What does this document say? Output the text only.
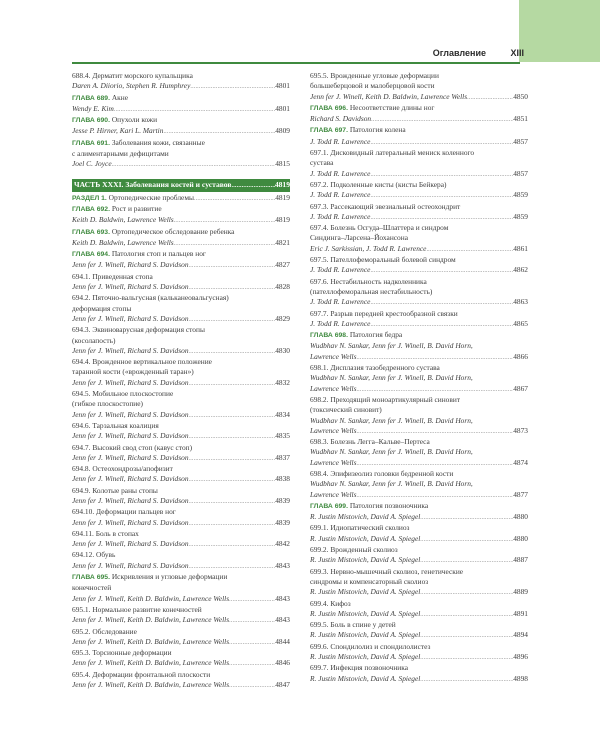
Оглавление	XIII
688.4. Дерматит морского купальщика
Daren A. Diiorio, Stephen R. Humphrey .....	4801
ГЛАВА 689. Акне
Wendy E. Kim .....	4801
ГЛАВА 690. Опухоли кожи
Jesse P. Hirner, Kari L. Martin .....	4809
ГЛАВА 691. Заболевания кожи, связанные
с алиментарными дефицитами
Joel C. Joyce .....	4815
ЧАСТЬ XXXI. Заболевания костей и суставов .....	4819
РАЗДЕЛ 1. Ортопедические проблемы .....	4819
ГЛАВА 692. Рост и развитие
Keith D. Baldwin, Lawrence Wells .....	4819
ГЛАВА 693. Ортопедическое обследование ребенка
Keith D. Baldwin, Lawrence Wells .....	4821
ГЛАВА 694. Патология стоп и пальцев ног
Jenn fer J. Winell, Richard S. Davidson .....	4827
694.1. Приведенная стопа
Jenn fer J. Winell, Richard S. Davidson .....	4828
694.2. Пяточно-вальгусная (кальканеовальгусная)
деформация стопы
Jenn fer J. Winell, Richard S. Davidson .....	4829
694.3. Эквиноварусная деформация стопы
(косолапость)
Jenn fer J. Winell, Richard S. Davidson .....	4830
694.4. Врожденное вертикальное положение
таранной кости («врожденный таран»)
Jenn fer J. Winell, Richard S. Davidson .....	4832
694.5. Мобильное плоскостопие
(гибкое плоскостопие)
Jenn fer J. Winell, Richard S. Davidson .....	4834
694.6. Тарзальная коалиция
Jenn fer J. Winell, Richard S. Davidson .....	4835
694.7. Высокий свод стоп (кавус стоп)
Jenn fer J. Winell, Richard S. Davidson .....	4837
694.8. Остеохондрозы/апофизит
Jenn fer J. Winell, Richard S. Davidson .....	4838
694.9. Колотые раны стопы
Jenn fer J. Winell, Richard S. Davidson .....	4839
694.10. Деформации пальцев ног
Jenn fer J. Winell, Richard S. Davidson .....	4839
694.11. Боль в стопах
Jenn fer J. Winell, Richard S. Davidson .....	4842
694.12. Обувь
Jenn fer J. Winell, Richard S. Davidson .....	4843
ГЛАВА 695. Искривления и угловые деформации
конечностей
Jenn fer J. Winell, Keith D. Baldwin, Lawrence Wells .....	4843
695.1. Нормальное развитие конечностей
Jenn fer J. Winell, Keith D. Baldwin, Lawrence Wells .....	4843
695.2. Обследование
Jenn fer J. Winell, Keith D. Baldwin, Lawrence Wells .....	4844
695.3. Торсионные деформации
Jenn fer J. Winell, Keith D. Baldwin, Lawrence Wells .....	4846
695.4. Деформации фронтальной плоскости
Jenn fer J. Winell, Keith D. Baldwin, Lawrence Wells .....	4847
695.5. Врожденные угловые деформации
большеберцовой и малоберцовой кости
Jenn fer J. Winell, Keith D. Baldwin, Lawrence Wells .....	4850
ГЛАВА 696. Несоответствие длины ног
Richard S. Davidson .....	4851
ГЛАВА 697. Патология колена
J. Todd R. Lawrence .....	4857
697.1. Дисковидный латеральный мениск коленного
сустава
J. Todd R. Lawrence .....	4857
697.2. Подколенные кисты (кисты Бейкера)
J. Todd R. Lawrence .....	4859
697.3. Рассекающий эвезиальный остеохондрит
J. Todd R. Lawrence .....	4859
697.4. Болезнь Осгуда–Шлаттера и синдром
Синдинга–Ларсена–Йохансона
Eric J. Sarkissian, J. Todd R. Lawrence .....	4861
697.5. Пателлофеморальный болевой синдром
J. Todd R. Lawrence .....	4862
697.6. Нестабильность надколенника
(пателлофеморальная нестабильность)
J. Todd R. Lawrence .....	4863
697.7. Разрыв передней крестообразной связки
J. Todd R. Lawrence .....	4865
ГЛАВА 698. Патология бедра
Wudbhav N. Sankar, Jenn fer J. Winell, B. David Horn,
Lawrence Wells .....	4866
698.1. Дисплазия тазобедренного сустава
Wudbhav N. Sankar, Jenn fer J. Winell, B. David Horn,
Lawrence Wells .....	4867
698.2. Преходящий монoартикулярный синовит
(токсический синовит)
Wudbhav N. Sankar, Jenn fer J. Winell, B. David Horn,
Lawrence Wells .....	4873
698.3. Болезнь Легга–Кальве–Пертеса
Wudbhav N. Sankar, Jenn fer J. Winell, B. David Horn,
Lawrence Wells .....	4874
698.4. Эпифизеолиз головки бедренной кости
Wudbhav N. Sankar, Jenn fer J. Winell, B. David Horn,
Lawrence Wells .....	4877
ГЛАВА 699. Патология позвоночника
R. Justin Mistovich, David A. Spiegel .....	4880
699.1. Идиопатический сколиоз
R. Justin Mistovich, David A. Spiegel .....	4880
699.2. Врожденный сколиоз
R. Justin Mistovich, David A. Spiegel .....	4887
699.3. Нервно-мышечный сколиоз, генетические
синдромы и компенсаторный сколиоз
R. Justin Mistovich, David A. Spiegel .....	4889
699.4. Кифоз
R. Justin Mistovich, David A. Spiegel .....	4891
699.5. Боль в спине у детей
R. Justin Mistovich, David A. Spiegel .....	4894
699.6. Спондилолиз и спондилолистез
R. Justin Mistovich, David A. Spiegel .....	4896
699.7. Инфекция позвоночника
R. Justin Mistovich, David A. Spiegel .....	4898
